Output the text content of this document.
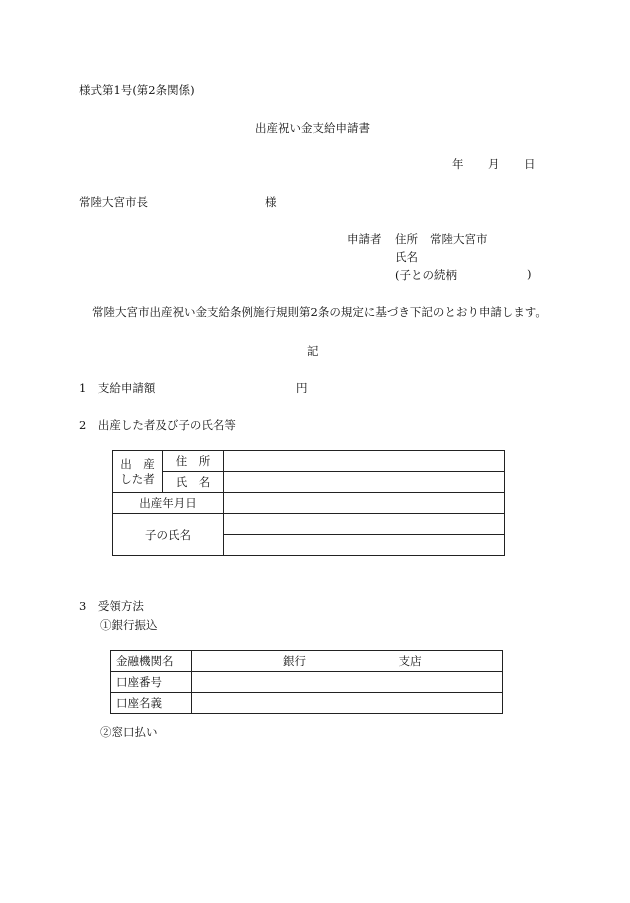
様式第1号(第2条関係)
出産祝い金支給申請書
年 月 日
常陸大宮市長	様
申請者 住所 常陸大宮市
氏名
(子との続柄	)
常陸大宮市出産祝い金支給条例施行規則第2条の規定に基づき下記のとおり申請します。
記
1　支給申請額	円
2　出産した者及び子の氏名等
出　産
した者	住　所	
	氏　名	
出産年月日		
子の氏名		

3　受領方法
①銀行振込
金融機関名	銀行 支店
口座番号	
口座名義	
②窓口払い
